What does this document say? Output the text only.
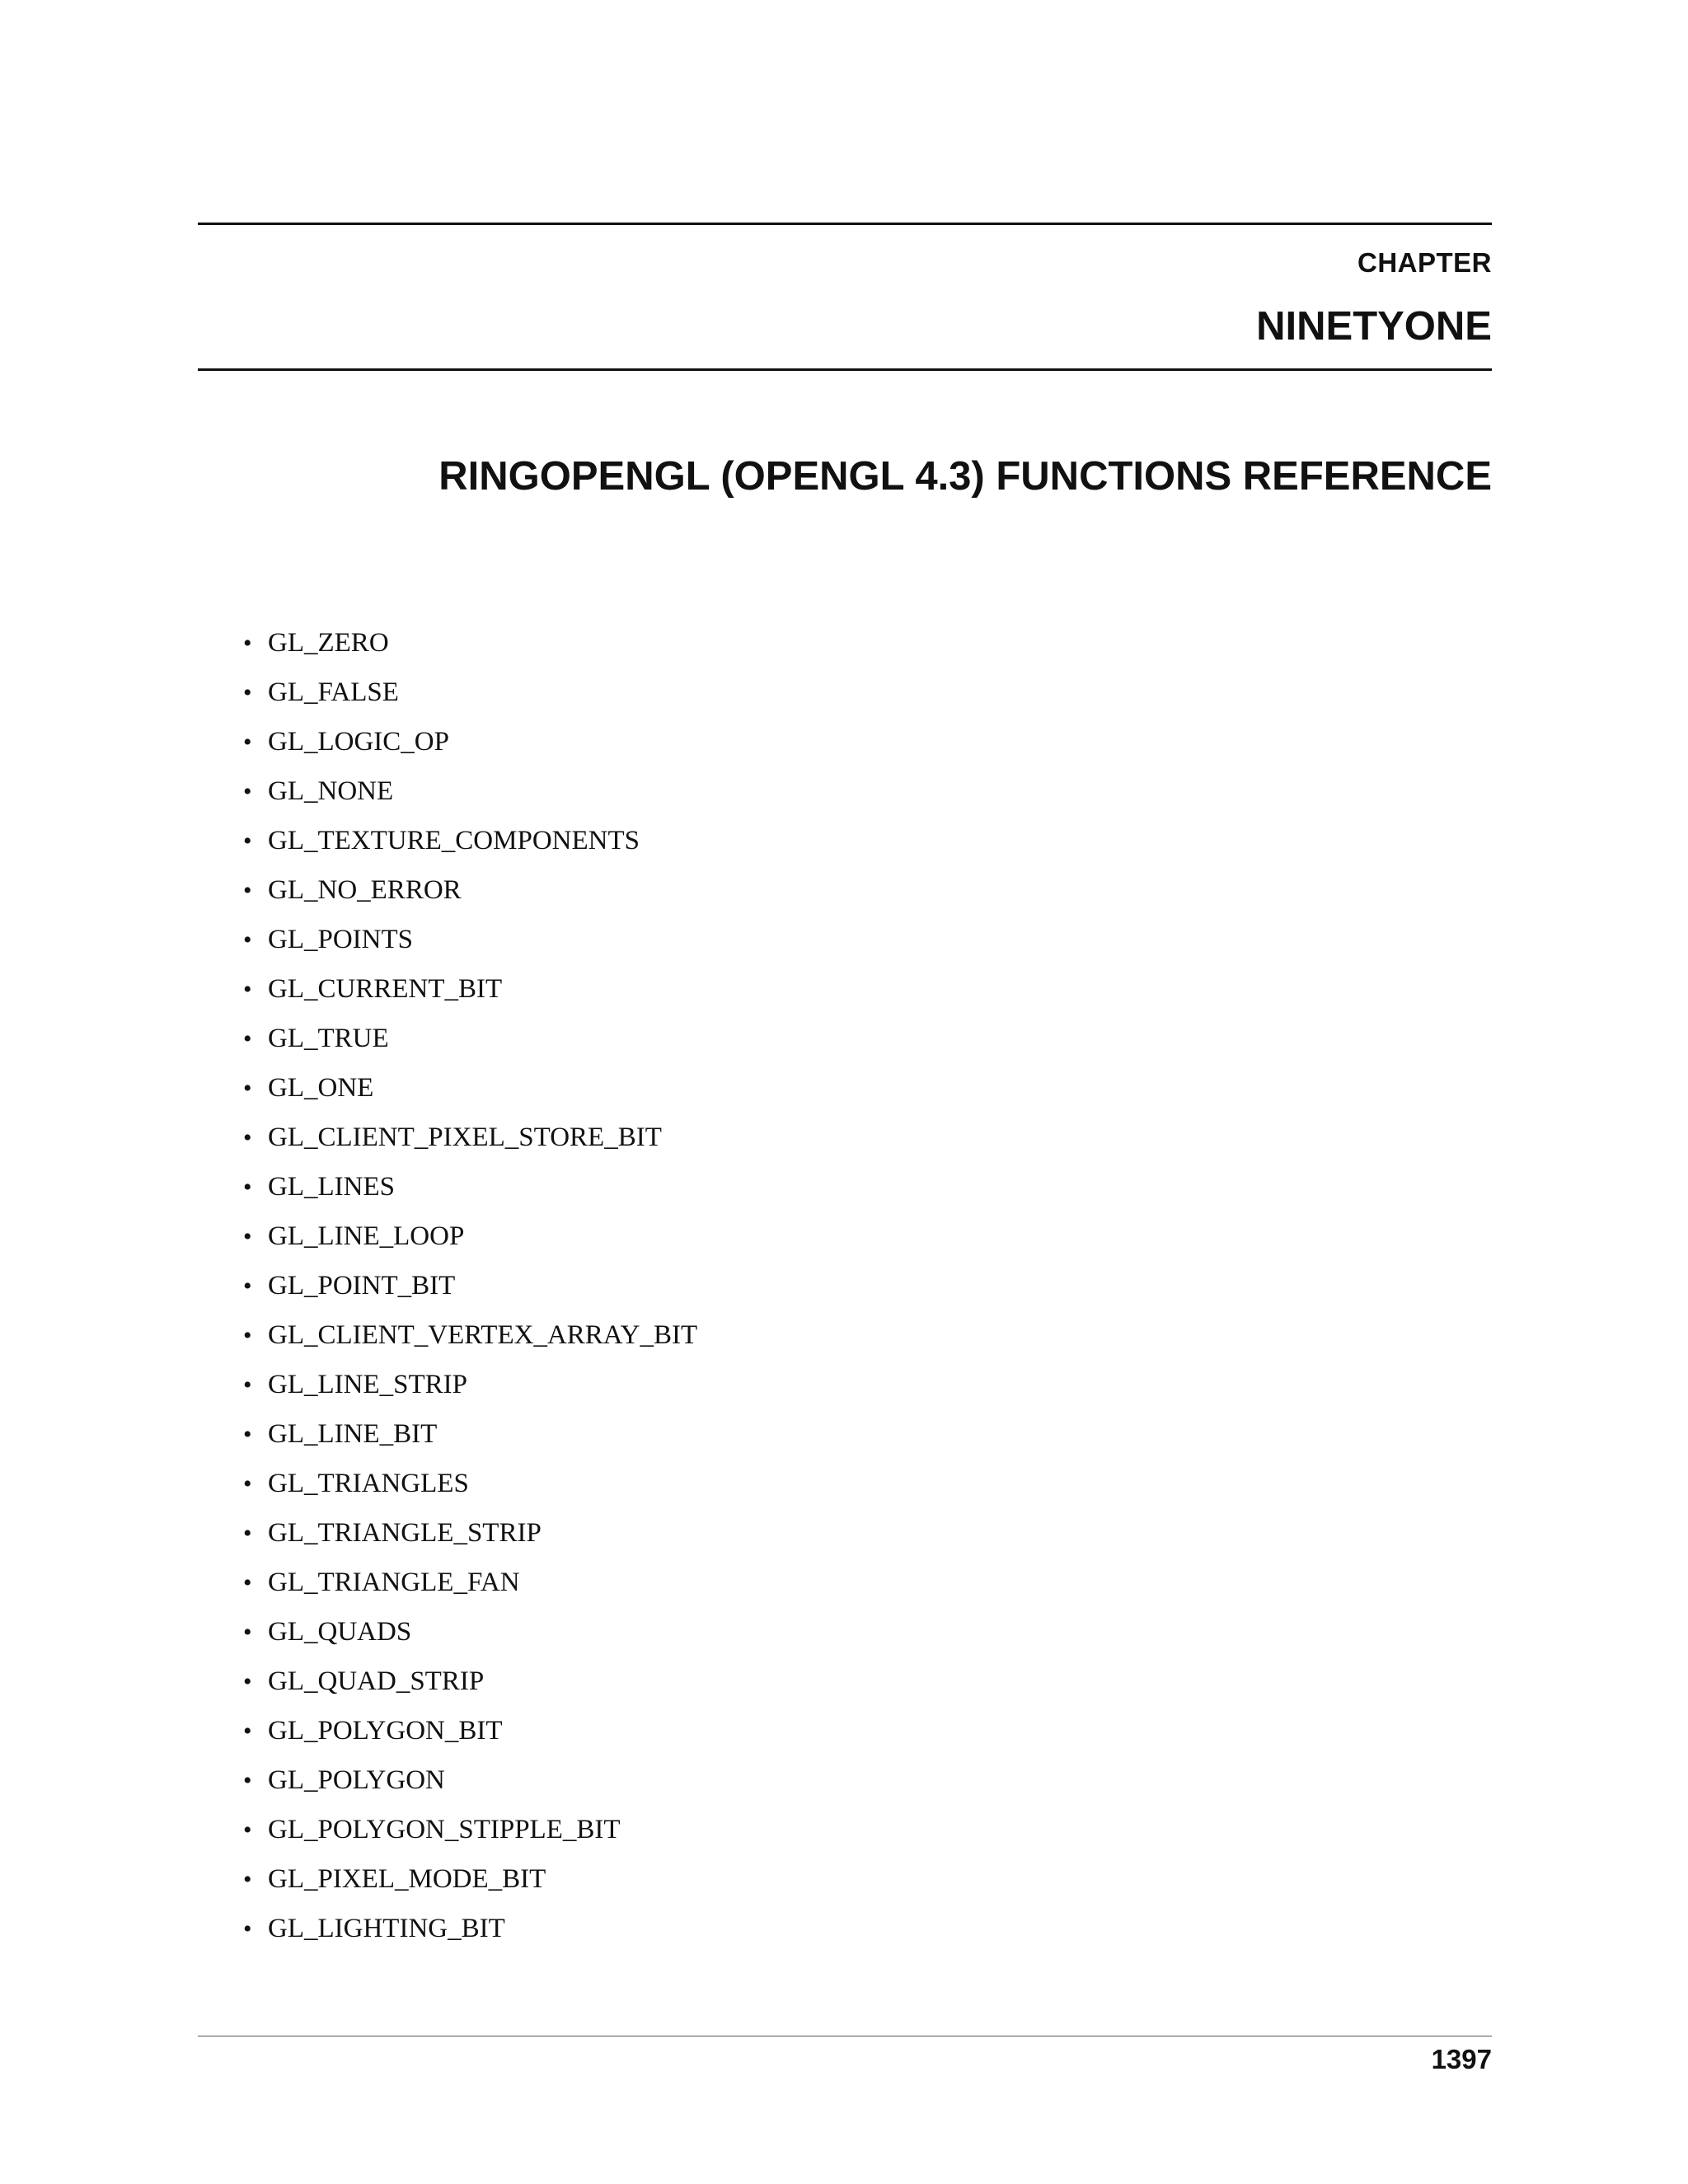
CHAPTER
NINETYONE
RINGOPENGL (OPENGL 4.3) FUNCTIONS REFERENCE
• GL_ZERO
• GL_FALSE
• GL_LOGIC_OP
• GL_NONE
• GL_TEXTURE_COMPONENTS
• GL_NO_ERROR
• GL_POINTS
• GL_CURRENT_BIT
• GL_TRUE
• GL_ONE
• GL_CLIENT_PIXEL_STORE_BIT
• GL_LINES
• GL_LINE_LOOP
• GL_POINT_BIT
• GL_CLIENT_VERTEX_ARRAY_BIT
• GL_LINE_STRIP
• GL_LINE_BIT
• GL_TRIANGLES
• GL_TRIANGLE_STRIP
• GL_TRIANGLE_FAN
• GL_QUADS
• GL_QUAD_STRIP
• GL_POLYGON_BIT
• GL_POLYGON
• GL_POLYGON_STIPPLE_BIT
• GL_PIXEL_MODE_BIT
• GL_LIGHTING_BIT
1397
